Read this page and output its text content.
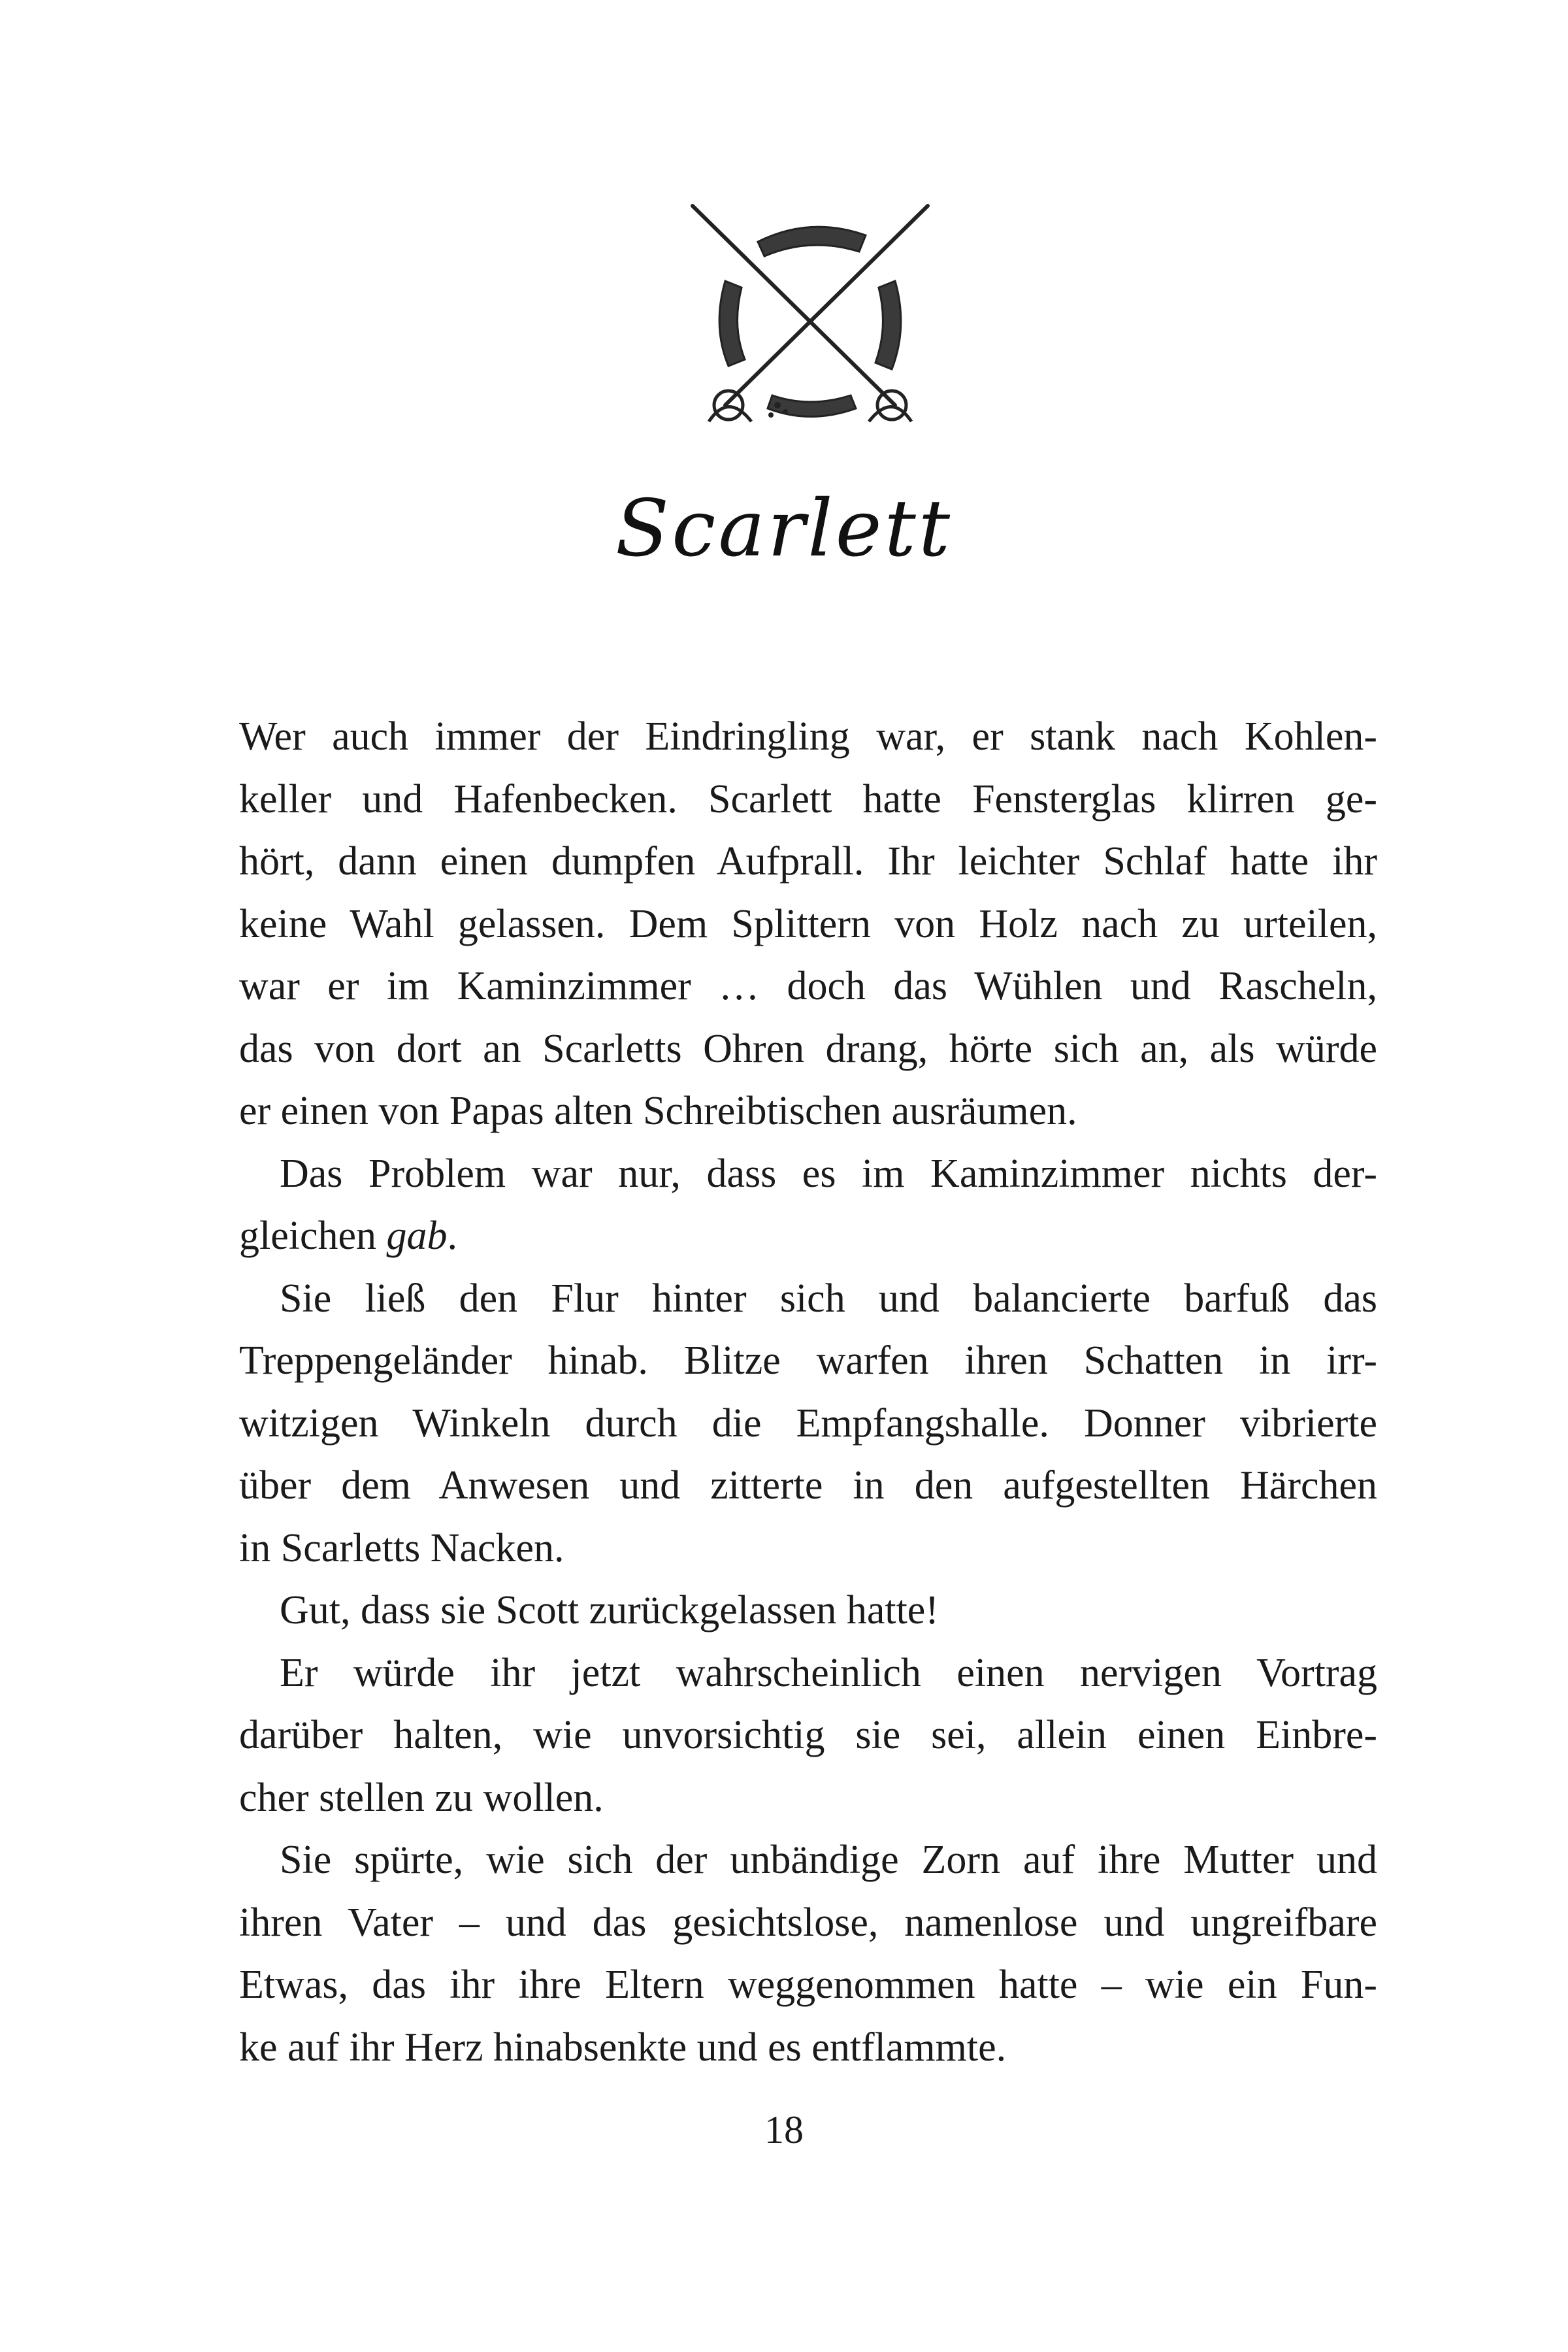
Scarlett
Wer auch immer der Eindringling war, er stank nach Kohlen-
keller und Hafenbecken. Scarlett hatte Fensterglas klirren ge-
hört, dann einen dumpfen Aufprall. Ihr leichter Schlaf hatte ihr
keine Wahl gelassen. Dem Splittern von Holz nach zu urteilen,
war er im Kaminzimmer … doch das Wühlen und Rascheln,
das von dort an Scarletts Ohren drang, hörte sich an, als würde
er einen von Papas alten Schreibtischen ausräumen.
Das Problem war nur, dass es im Kaminzimmer nichts der-
gleichen gab.
Sie ließ den Flur hinter sich und balancierte barfuß das
Treppengeländer hinab. Blitze warfen ihren Schatten in irr-
witzigen Winkeln durch die Empfangshalle. Donner vibrierte
über dem Anwesen und zitterte in den aufgestellten Härchen
in Scarletts Nacken.
Gut, dass sie Scott zurückgelassen hatte!
Er würde ihr jetzt wahrscheinlich einen nervigen Vortrag
darüber halten, wie unvorsichtig sie sei, allein einen Einbre-
cher stellen zu wollen.
Sie spürte, wie sich der unbändige Zorn auf ihre Mutter und
ihren Vater – und das gesichtslose, namenlose und ungreifbare
Etwas, das ihr ihre Eltern weggenommen hatte – wie ein Fun-
ke auf ihr Herz hinabsenkte und es entflammte.
18
